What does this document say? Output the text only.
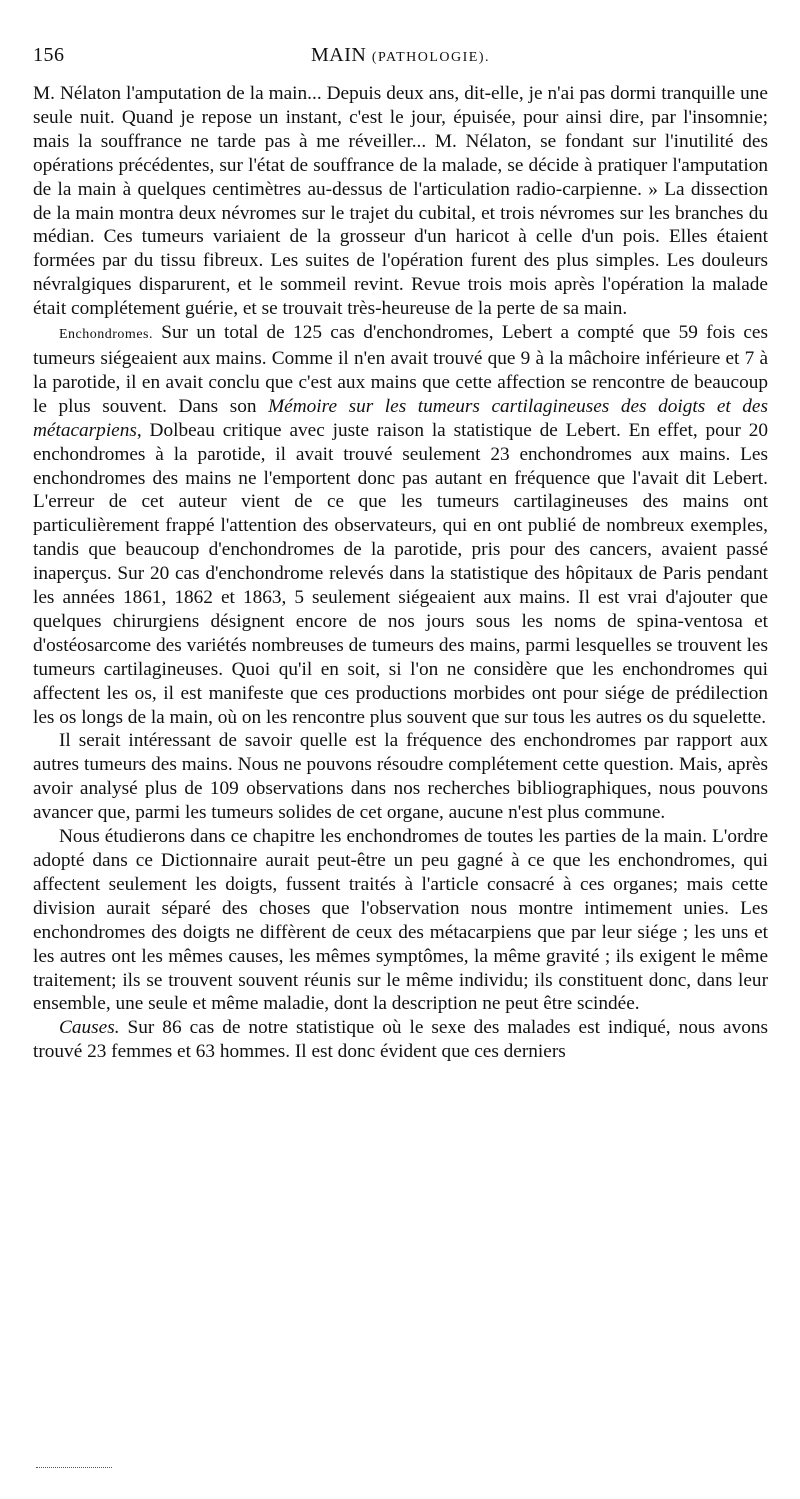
156	MAIN (PATHOLOGIE).

M. Nélaton l'amputation de la main... Depuis deux ans, dit-elle, je n'ai pas dormi tranquille une seule nuit. Quand je repose un instant, c'est le jour, épuisée, pour ainsi dire, par l'insomnie; mais la souffrance ne tarde pas à me réveiller... M. Nélaton, se fondant sur l'inutilité des opérations précédentes, sur l'état de souffrance de la malade, se décide à pratiquer l'amputation de la main à quelques centimètres au-dessus de l'articulation radio-carpienne. » La dissection de la main montra deux névromes sur le trajet du cubital, et trois névromes sur les branches du médian. Ces tumeurs variaient de la grosseur d'un haricot à celle d'un pois. Elles étaient formées par du tissu fibreux. Les suites de l'opération furent des plus simples. Les douleurs névralgiques disparurent, et le sommeil revint. Revue trois mois après l'opération la malade était complétement guérie, et se trouvait très-heureuse de la perte de sa main.

Enchondromes. Sur un total de 125 cas d'enchondromes, Lebert a compté que 59 fois ces tumeurs siégeaient aux mains. Comme il n'en avait trouvé que 9 à la mâchoire inférieure et 7 à la parotide, il en avait conclu que c'est aux mains que cette affection se rencontre de beaucoup le plus souvent. Dans son Mémoire sur les tumeurs cartilagineuses des doigts et des métacarpiens, Dolbeau critique avec juste raison la statistique de Lebert. En effet, pour 20 enchondromes à la parotide, il avait trouvé seulement 23 enchondromes aux mains. Les enchondromes des mains ne l'emportent donc pas autant en fréquence que l'avait dit Lebert. L'erreur de cet auteur vient de ce que les tumeurs cartilagineuses des mains ont particulièrement frappé l'attention des observateurs, qui en ont publié de nombreux exemples, tandis que beaucoup d'enchondromes de la parotide, pris pour des cancers, avaient passé inaperçus. Sur 20 cas d'enchondrome relevés dans la statistique des hôpitaux de Paris pendant les années 1861, 1862 et 1863, 5 seulement siégeaient aux mains. Il est vrai d'ajouter que quelques chirurgiens désignent encore de nos jours sous les noms de spina-ventosa et d'ostéosarcome des variétés nombreuses de tumeurs des mains, parmi lesquelles se trouvent les tumeurs cartilagineuses. Quoi qu'il en soit, si l'on ne considère que les enchondromes qui affectent les os, il est manifeste que ces productions morbides ont pour siége de prédilection les os longs de la main, où on les rencontre plus souvent que sur tous les autres os du squelette.

Il serait intéressant de savoir quelle est la fréquence des enchondromes par rapport aux autres tumeurs des mains. Nous ne pouvons résoudre complétement cette question. Mais, après avoir analysé plus de 109 observations dans nos recherches bibliographiques, nous pouvons avancer que, parmi les tumeurs solides de cet organe, aucune n'est plus commune.

Nous étudierons dans ce chapitre les enchondromes de toutes les parties de la main. L'ordre adopté dans ce Dictionnaire aurait peut-être un peu gagné à ce que les enchondromes, qui affectent seulement les doigts, fussent traités à l'article consacré à ces organes; mais cette division aurait séparé des choses que l'observation nous montre intimement unies. Les enchondromes des doigts ne diffèrent de ceux des métacarpiens que par leur siége ; les uns et les autres ont les mêmes causes, les mêmes symptômes, la même gravité ; ils exigent le même traitement; ils se trouvent souvent réunis sur le même individu; ils constituent donc, dans leur ensemble, une seule et même maladie, dont la description ne peut être scindée.

Causes. Sur 86 cas de notre statistique où le sexe des malades est indiqué, nous avons trouvé 23 femmes et 63 hommes. Il est donc évident que ces derniers
